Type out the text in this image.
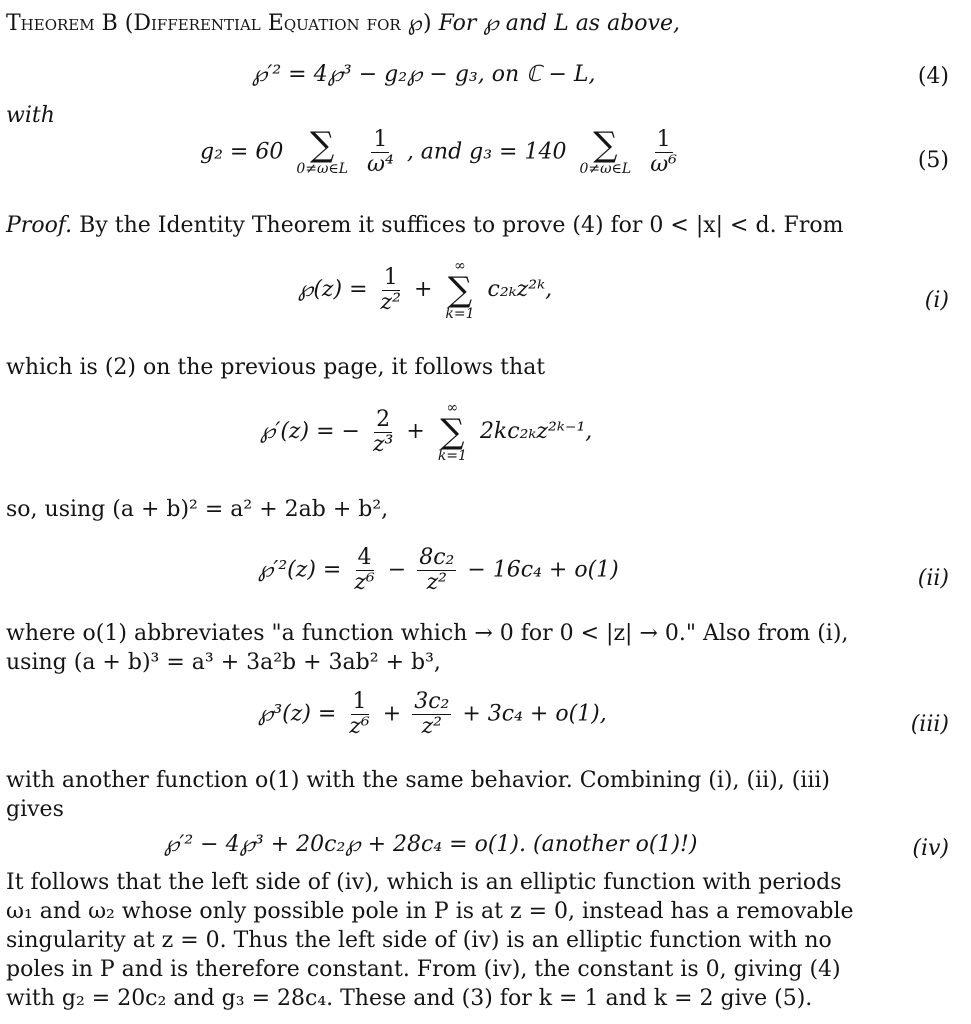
Theorem B (Differential Equation for ℘) For ℘ and L as above,
℘′² = 4℘³ − g₂℘ − g₃, on ℂ − L,	(4)
with
g₂ = 60 ∑
0≠ω∈L
$\frac{1}{\text{ω⁴}}$ , and g₃ = 140 ∑
0≠ω∈L
$\frac{1}{\text{ω⁶}}$	(5)
Proof. By the Identity Theorem it suffices to prove (4) for 0 < |x| < d. From
℘(z) = $\frac{1}{\text{z²}}$ +
∞
∑
k=1
c₂ₖz²ᵏ,	(i)
which is (2) on the previous page, it follows that
℘′(z) = − $\frac{2}{\text{z³}}$ +
∞
∑
k=1
2kc₂ₖz²ᵏ⁻¹,
so, using (a + b)² = a² + 2ab + b²,
℘′²(z) = $\frac{4}{\text{z⁶}} - \frac{\text{8c₂}}{\text{z²}} - 16c_4 + o(1)$	(ii)
where o(1) abbreviates "a function which → 0 for 0 < |z| → 0." Also from (i),
using (a + b)³ = a³ + 3a²b + 3ab² + b³,
℘³(z) = $\frac{1}{\text{z⁶}} + \frac{\text{3c₂}}{\text{z²}} + 3c_4 + o(1)$,	(iii)
with another function o(1) with the same behavior. Combining (i), (ii), (iii) gives
℘′² − 4℘³ + 20c₂℘ + 28c₄ = o(1). (another o(1)!)	(iv)
It follows that the left side of (iv), which is an elliptic function with periods ω₁ and ω₂ whose only possible pole in P is at z = 0, instead has a removable singularity at z = 0. Thus the left side of (iv) is an elliptic function with no poles in P and is therefore constant. From (iv), the constant is 0, giving (4) with g₂ = 20c₂ and g₃ = 28c₄. These and (3) for k = 1 and k = 2 give (5).
